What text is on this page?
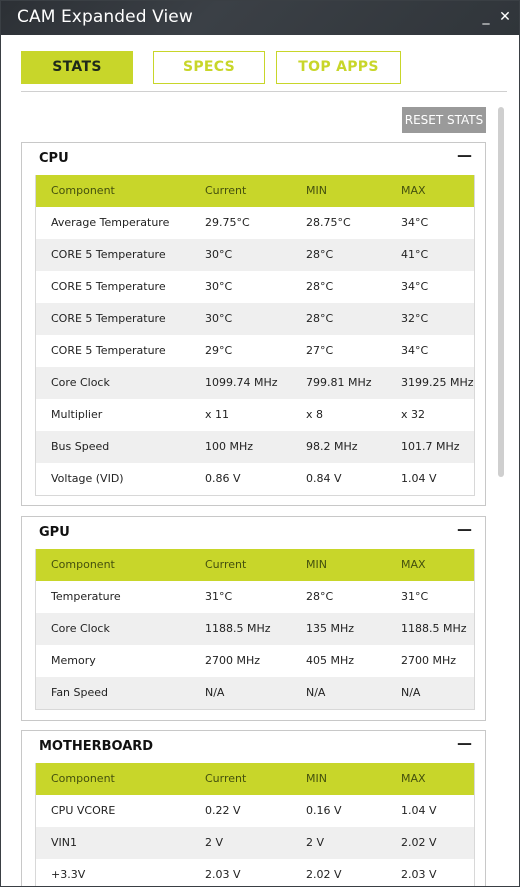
CAM Expanded View	_ ✕
STATS	SPECS	TOP APPS
RESET STATS
CPU	—
Component	Current	MIN	MAX
Average Temperature	29.75°C	28.75°C	34°C
CORE 5 Temperature	30°C	28°C	41°C
CORE 5 Temperature	30°C	28°C	34°C
CORE 5 Temperature	30°C	28°C	32°C
CORE 5 Temperature	29°C	27°C	34°C
Core Clock	1099.74 MHz	799.81 MHz	3199.25 MHz
Multiplier	x 11	x 8	x 32
Bus Speed	100 MHz	98.2 MHz	101.7 MHz
Voltage (VID)	0.86 V	0.84 V	1.04 V
GPU	—
Component	Current	MIN	MAX
Temperature	31°C	28°C	31°C
Core Clock	1188.5 MHz	135 MHz	1188.5 MHz
Memory	2700 MHz	405 MHz	2700 MHz
Fan Speed	N/A	N/A	N/A
MOTHERBOARD	—
Component	Current	MIN	MAX
CPU VCORE	0.22 V	0.16 V	1.04 V
VIN1	2 V	2 V	2.02 V
+3.3V	2.03 V	2.02 V	2.03 V
